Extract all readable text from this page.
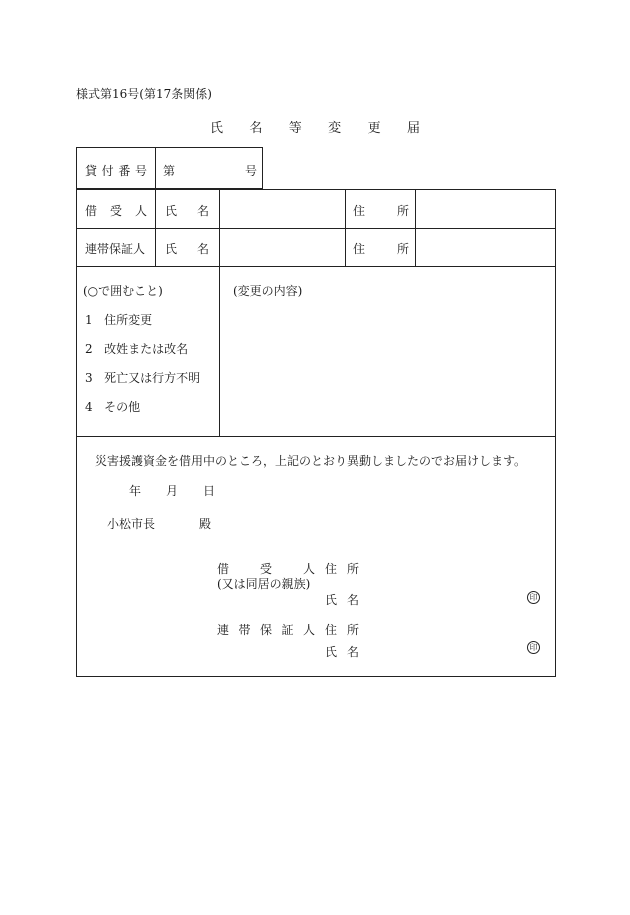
様式第16号(第17条関係)
氏 名 等 変 更 届
貸 付 番 号 第	号
借 受 人 氏 名	住	所
連帯保証人 氏 名	住	所
(○で囲むこと)
1 住所変更
2 改姓または改名
3 死亡又は行方不明
4 その他
(変更の内容)
災害援護資金を借用中のところ，上記のとおり異動しましたのでお届けします。
年 月 日
小松市長	殿
借	受	人 住 所
(又は同居の親族)
氏 名	印
連 帯 保 証 人 住 所
氏 名	印
